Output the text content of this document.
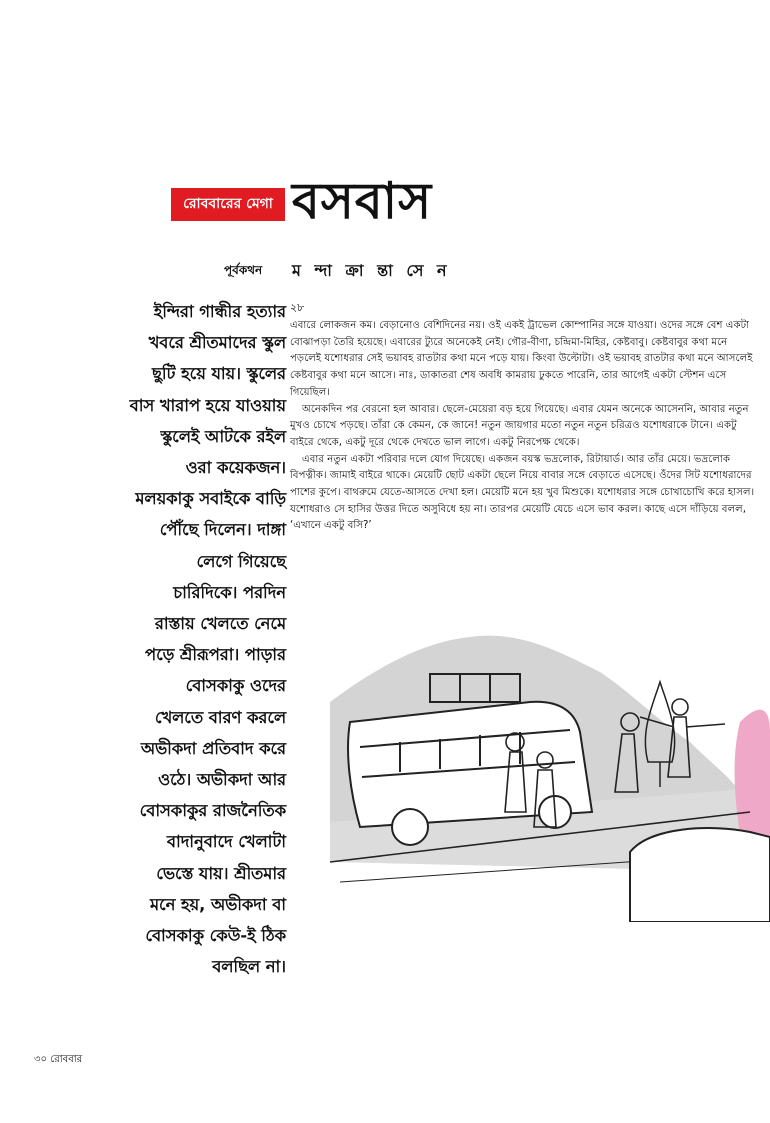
রোববারের মেগা বসবাস
পূর্বকথন ম ন্দা ক্রা ন্তা সে ন
ইন্দিরা গান্ধীর হত্যার
খবরে শ্রীতমাদের স্কুল
ছুটি হয়ে যায়। স্কুলের
বাস খারাপ হয়ে যাওয়ায়
স্কুলেই আটকে রইল
ওরা কয়েকজন।
মলয়কাকু সবাইকে বাড়ি
পৌঁছে দিলেন। দাঙ্গা
লেগে গিয়েছে
চারিদিকে। পরদিন
রাস্তায় খেলতে নেমে
পড়ে শ্রীরূপরা। পাড়ার
বোসকাকু ওদের
খেলতে বারণ করলে
অভীকদা প্রতিবাদ করে
ওঠে। অভীকদা আর
বোসকাকুর রাজনৈতিক
বাদানুবাদে খেলাটা
ভেস্তে যায়। শ্রীতমার
মনে হয়, অভীকদা বা
বোসকাকু কেউ-ই ঠিক
বলছিল না।
২৮

এবারে লোকজন কম। বেড়ানোও বেশিদিনের নয়। ওই একই ট্রাভেল কোম্পানির সঙ্গে যাওয়া। ওদের সঙ্গে বেশ একটা বোঝাপড়া তৈরি হয়েছে। এবারের ট্যুরে অনেকেই নেই। গৌর-বীণা, চন্দ্রিমা-মিহির, কেষ্টবাবু। কেষ্টবাবুর কথা মনে পড়লেই যশোধরার সেই ভয়াবহ রাতটার কথা মনে পড়ে যায়। কিংবা উল্টোটা। ওই ভয়াবহ রাতটার কথা মনে আসলেই কেষ্টবাবুর কথা মনে আসে। নাঃ, ডাকাতরা শেষ অবধি কামরায় ঢুকতে পারেনি, তার আগেই একটা স্টেশন এসে গিয়েছিল।

অনেকদিন পর বেরনো হল আবার। ছেলে-মেয়েরা বড় হয়ে গিয়েছে। এবার যেমন অনেকে আসেননি, আবার নতুন মুখও চোখে পড়ছে। তাঁরা কে কেমন, কে জানে! নতুন জায়গার মতো নতুন নতুন চরিত্রও যশোধরাকে টানে। একটু বাইরে থেকে, একটু দূরে থেকে দেখতে ভাল লাগে। একটু নিরপেক্ষ থেকে।

এবার নতুন একটা পরিবার দলে যোগ দিয়েছে। একজন বয়স্ক ভদ্রলোক, রিটায়ার্ড। আর তাঁর মেয়ে। ভদ্রলোক বিপত্নীক। জামাই বাইরে থাকে। মেয়েটি ছোট একটা ছেলে নিয়ে বাবার সঙ্গে বেড়াতে এসেছে। ওঁদের সিট যশোধরাদের পাশের কুপে। বাথরুমে যেতে-আসতে দেখা হল। মেয়েটি মনে হয় খুব মিশুকে। যশোধরার সঙ্গে চোখাচোখি করে হাসল। যশোধরাও সে হাসির উত্তর দিতে অসুবিধে হয় না। তারপর মেয়েটি যেচে এসে ভাব করল। কাছে এসে দাঁড়িয়ে বলল, ‘এখানে একটু বসি?’

৩০ রোববার
